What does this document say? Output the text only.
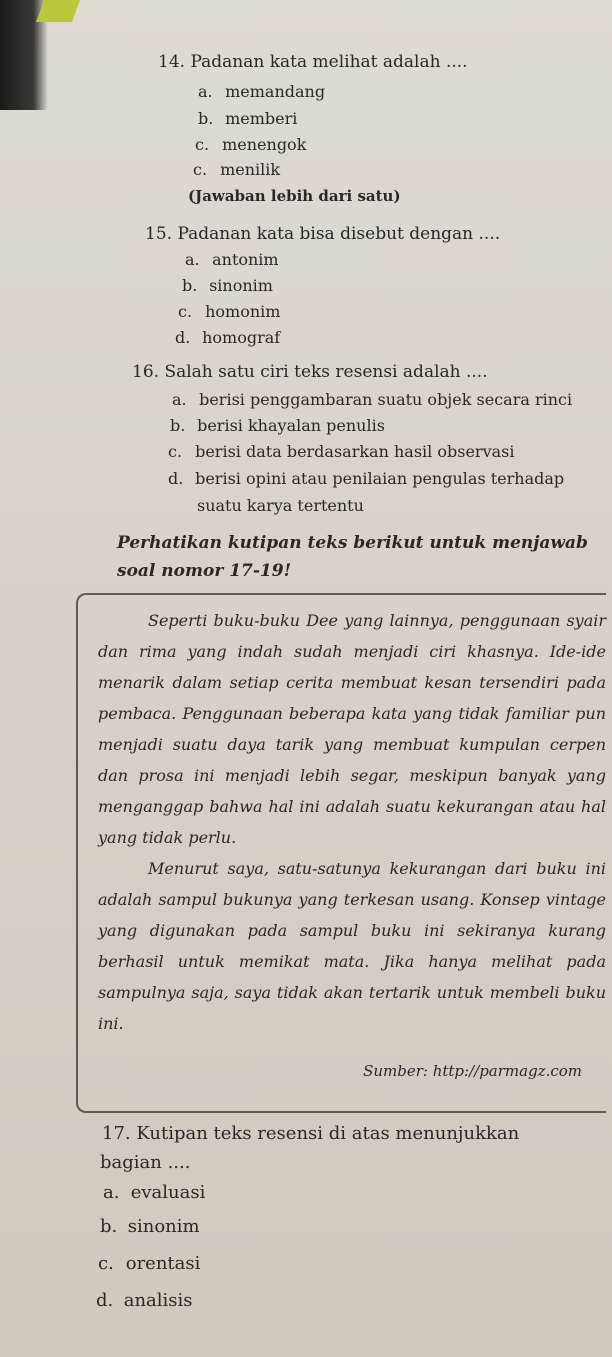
14. Padanan kata melihat adalah ....
a. memandang
b. memberi
c. menengok
c. menilik
(Jawaban lebih dari satu)
15. Padanan kata bisa disebut dengan ....
a. antonim
b. sinonim
c. homonim
d. homograf
16. Salah satu ciri teks resensi adalah ....
a. berisi penggambaran suatu objek secara rinci
b. berisi khayalan penulis
c. berisi data berdasarkan hasil observasi
d. berisi opini atau penilaian pengulas terhadap
suatu karya tertentu
Perhatikan kutipan teks berikut untuk menjawab
soal nomor 17-19!

Seperti buku-buku Dee yang lainnya, penggunaan syair dan rima yang indah sudah menjadi ciri khasnya. Ide-ide menarik dalam setiap cerita membuat kesan tersendiri pada pembaca. Penggunaan beberapa kata yang tidak familiar pun menjadi suatu daya tarik yang membuat kumpulan cerpen dan prosa ini menjadi lebih segar, meskipun banyak yang menganggap bahwa hal ini adalah suatu kekurangan atau hal yang tidak perlu.

Menurut saya, satu-satunya kekurangan dari buku ini adalah sampul bukunya yang terkesan usang. Konsep vintage yang digunakan pada sampul buku ini sekiranya kurang berhasil untuk memikat mata. Jika hanya melihat pada sampulnya saja, saya tidak akan tertarik untuk membeli buku ini.

Sumber: http://parmagz.com
17. Kutipan teks resensi di atas menunjukkan
bagian ....
a. evaluasi
b. sinonim
c. orentasi
d. analisis
